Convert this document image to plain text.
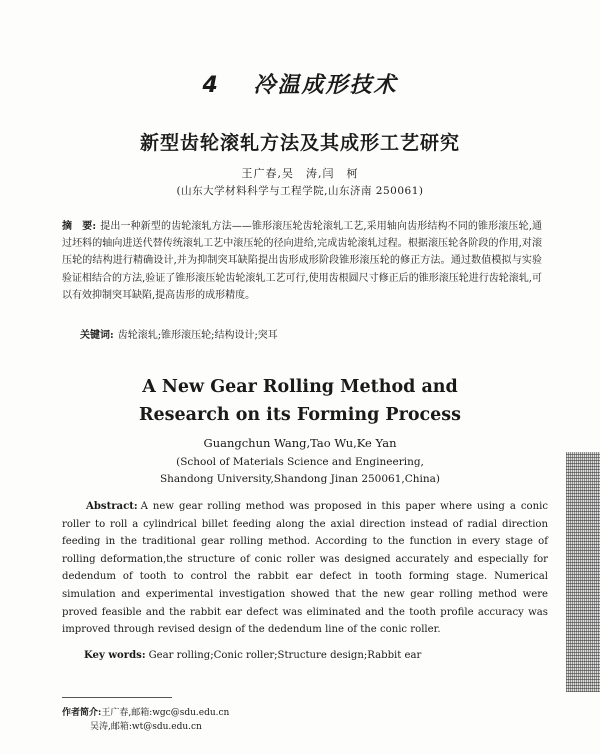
4 冷温成形技术
新型齿轮滚轧方法及其成形工艺研究
王广春,吴　涛,闫　柯
(山东大学材料科学与工程学院,山东济南 250061)
摘　要: 提出一种新型的齿轮滚轧方法——锥形滚压轮齿轮滚轧工艺,采用轴向齿形结构不同的锥形滚压轮,通过坯料的轴向进送代替传统滚轧工艺中滚压轮的径向进给,完成齿轮滚轧过程。根据滚压轮各阶段的作用,对滚压轮的结构进行精确设计,并为抑制突耳缺陷提出齿形成形阶段锥形滚压轮的修正方法。通过数值模拟与实验验证相结合的方法,验证了锥形滚压轮齿轮滚轧工艺可行,使用齿根圆尺寸修正后的锥形滚压轮进行齿轮滚轧,可以有效抑制突耳缺陷,提高齿形的成形精度。
关键词: 齿轮滚轧;锥形滚压轮;结构设计;突耳
A New Gear Rolling Method and
Research on its Forming Process
Guangchun Wang,Tao Wu,Ke Yan
(School of Materials Science and Engineering,
Shandong University,Shandong Jinan 250061,China)
Abstract: A new gear rolling method was proposed in this paper where using a conic roller to roll a cylindrical billet feeding along the axial direction instead of radial direction feeding in the traditional gear rolling method. According to the function in every stage of rolling deformation,the structure of conic roller was designed accurately and especially for dedendum of tooth to control the rabbit ear defect in tooth forming stage. Numerical simulation and experimental investigation showed that the new gear rolling method were proved feasible and the rabbit ear defect was eliminated and the tooth profile accuracy was improved through revised design of the dedendum line of the conic roller.
Key words: Gear rolling;Conic roller;Structure design;Rabbit ear
作者简介:王广春,邮箱:wgc@sdu.edu.cn
吴涛,邮箱:wt@sdu.edu.cn
